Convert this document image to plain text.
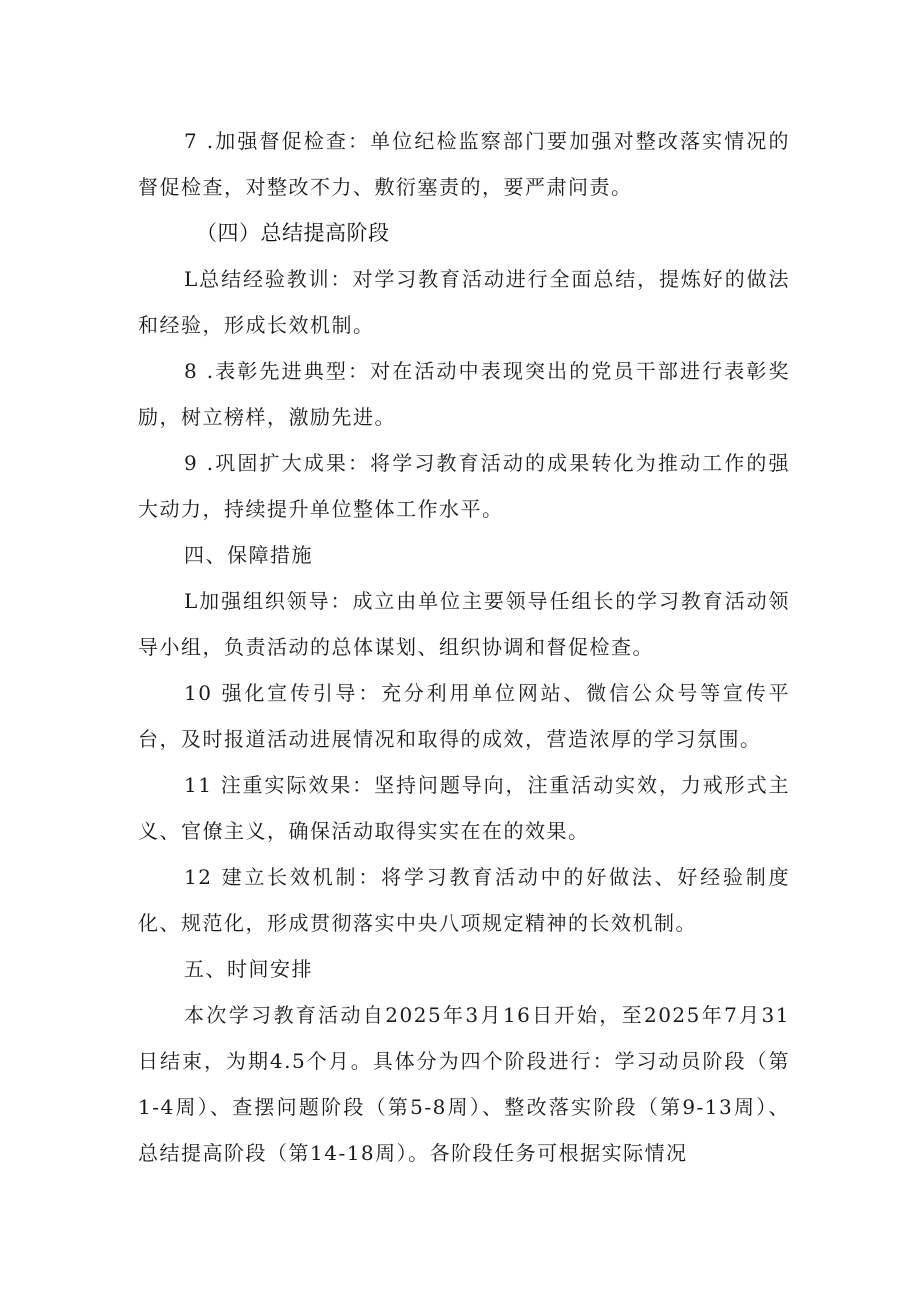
7 .加强督促检查：单位纪检监察部门要加强对整改落实情况的督促检查，对整改不力、敷衍塞责的，要严肃问责。

（四）总结提高阶段

L总结经验教训：对学习教育活动进行全面总结，提炼好的做法和经验，形成长效机制。

8 .表彰先进典型：对在活动中表现突出的党员干部进行表彰奖励，树立榜样，激励先进。

9 .巩固扩大成果：将学习教育活动的成果转化为推动工作的强大动力，持续提升单位整体工作水平。

四、保障措施

L加强组织领导：成立由单位主要领导任组长的学习教育活动领导小组，负责活动的总体谋划、组织协调和督促检查。

10 强化宣传引导：充分利用单位网站、微信公众号等宣传平台，及时报道活动进展情况和取得的成效，营造浓厚的学习氛围。

11 注重实际效果：坚持问题导向，注重活动实效，力戒形式主义、官僚主义，确保活动取得实实在在的效果。

12 建立长效机制：将学习教育活动中的好做法、好经验制度化、规范化，形成贯彻落实中央八项规定精神的长效机制。

五、时间安排

本次学习教育活动自2025年3月16日开始，至2025年7月31日结束，为期4.5个月。具体分为四个阶段进行：学习动员阶段（第1-4周）、查摆问题阶段（第5-8周）、整改落实阶段（第9-13周）、总结提高阶段（第14-18周）。各阶段任务可根据实际情况
